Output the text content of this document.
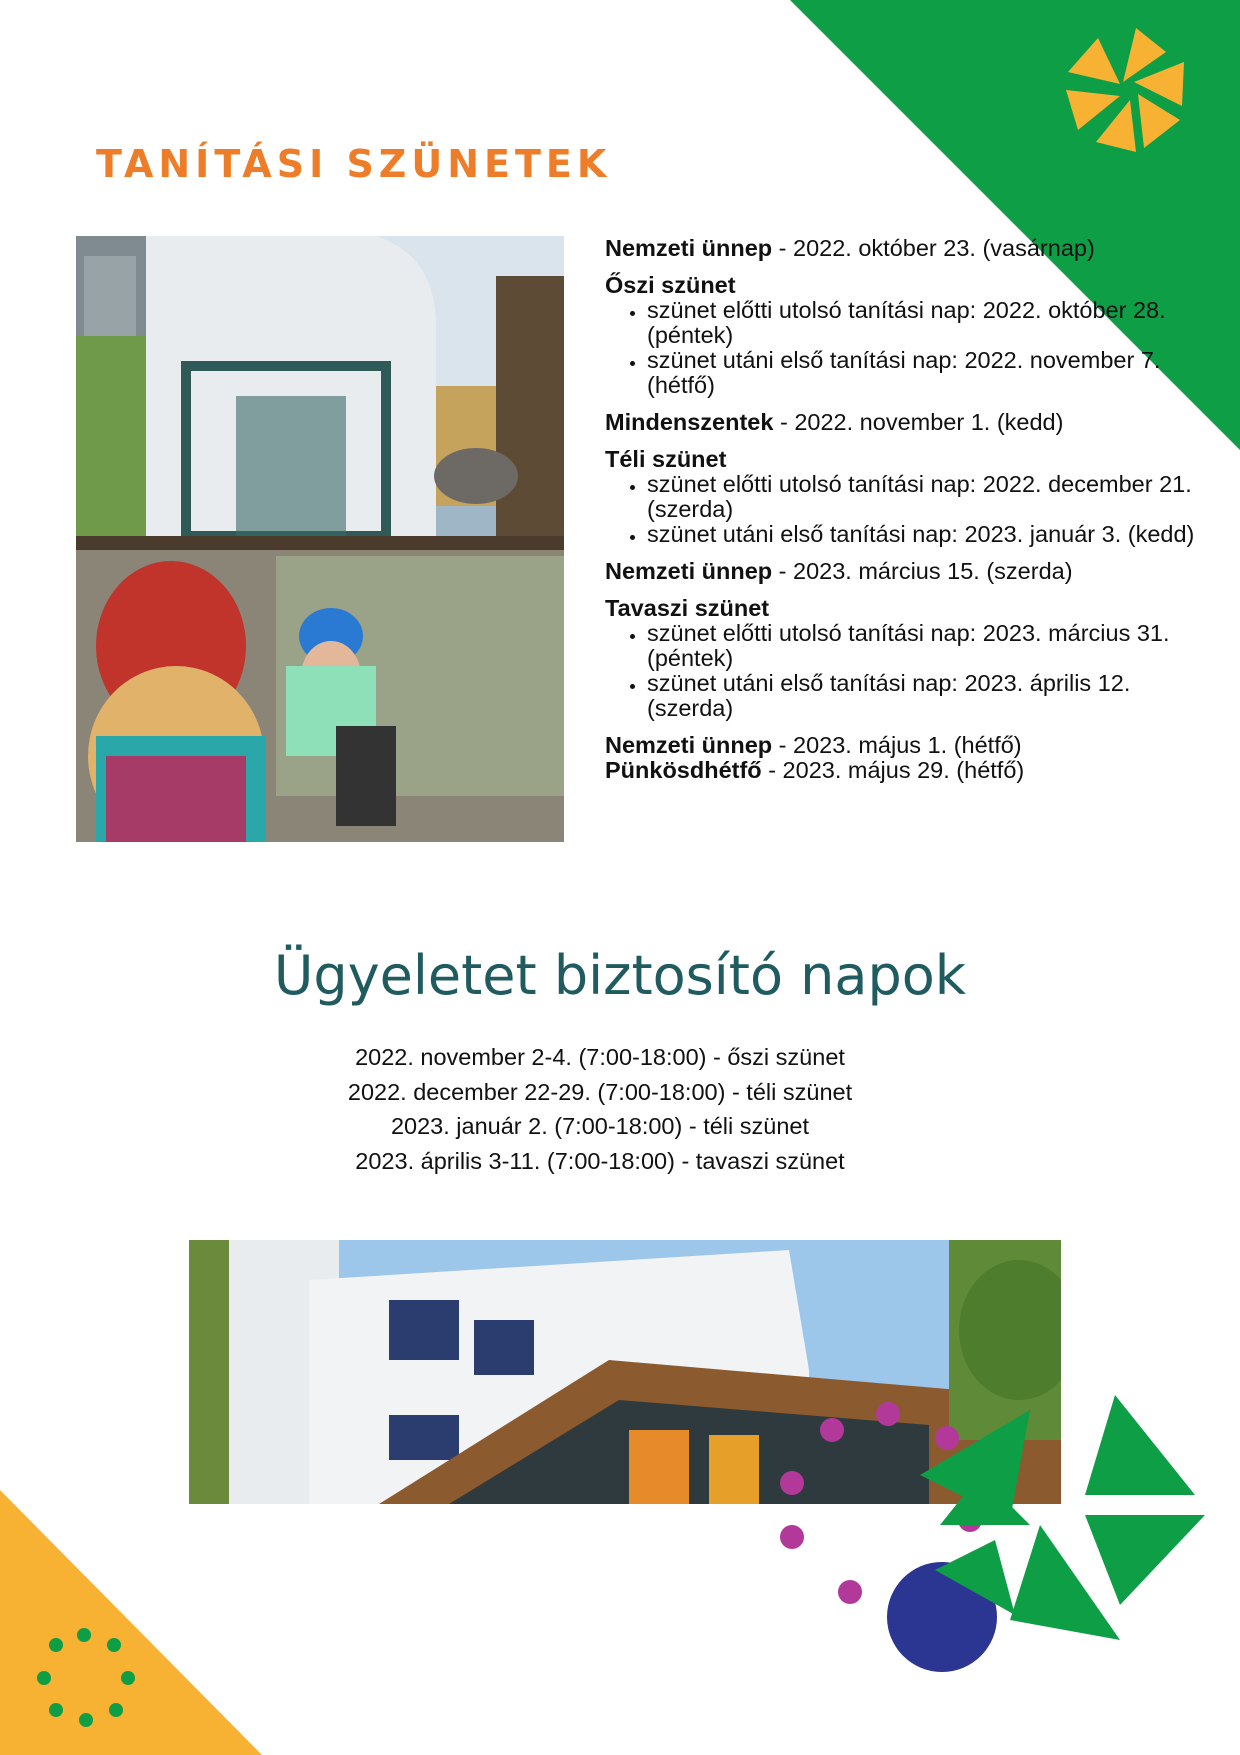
TANÍTÁSI SZÜNETEK

Nemzeti ünnep - 2022. október 23. (vasárnap)

Őszi szünet

• szünet előtti utolsó tanítási nap: 2022. október 28. (péntek)
• szünet utáni első tanítási nap: 2022. november 7. (hétfő)

Mindenszentek - 2022. november 1. (kedd)

Téli szünet

• szünet előtti utolsó tanítási nap: 2022. december 21. (szerda)
• szünet utáni első tanítási nap: 2023. január 3. (kedd)

Nemzeti ünnep - 2023. március 15. (szerda)

Tavaszi szünet

• szünet előtti utolsó tanítási nap: 2023. március 31. (péntek)
• szünet utáni első tanítási nap: 2023. április 12. (szerda)

Nemzeti ünnep - 2023. május 1. (hétfő)

Pünkösdhétfő - 2023. május 29. (hétfő)

Ügyeletet biztosító napok
2022. november 2-4. (7:00-18:00) - őszi szünet
2022. december 22-29. (7:00-18:00) - téli szünet
2023. január 2. (7:00-18:00) - téli szünet
2023. április 3-11. (7:00-18:00) - tavaszi szünet
